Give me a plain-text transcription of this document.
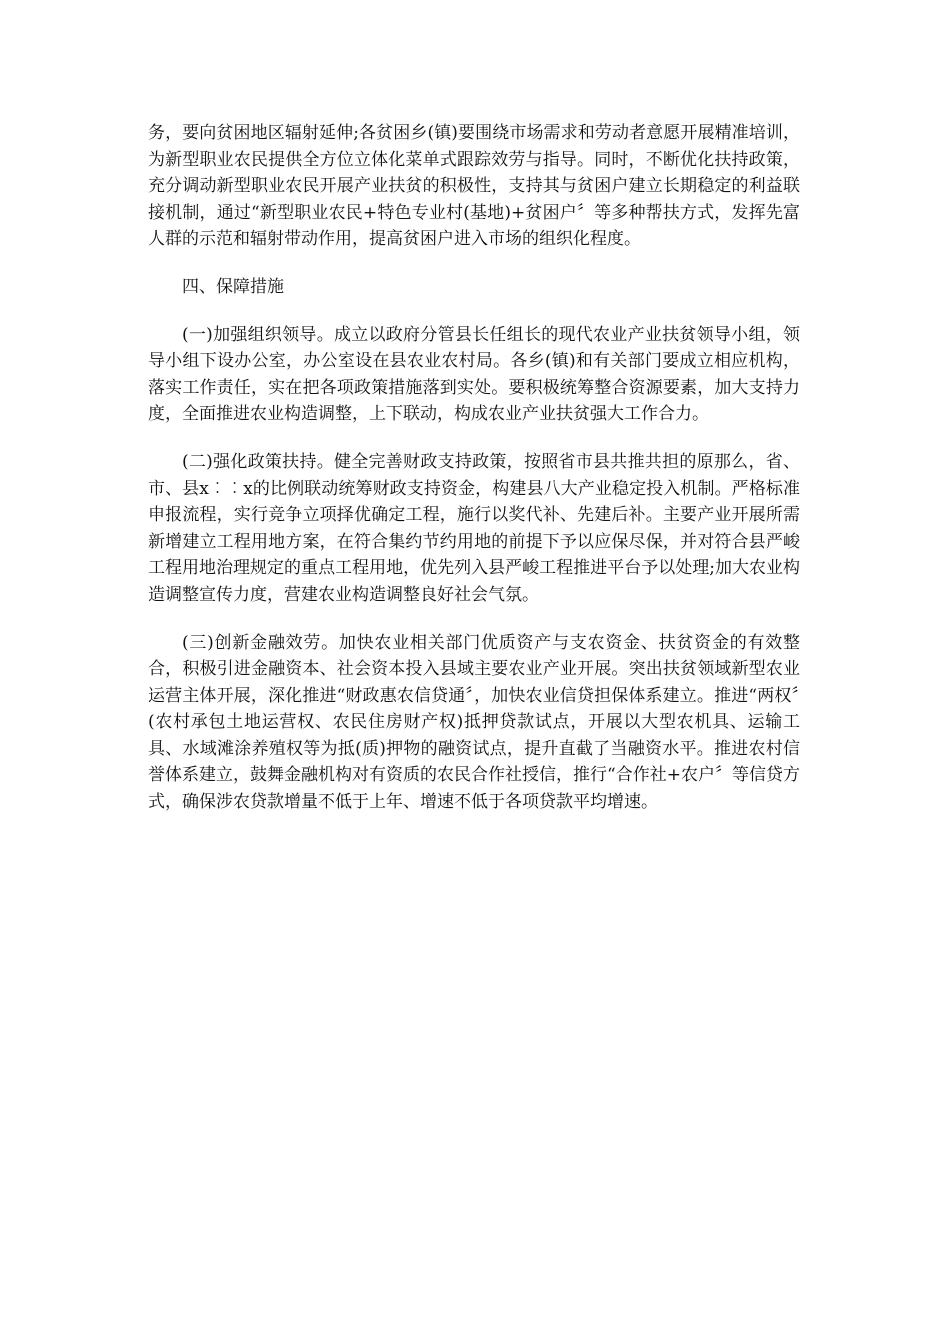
务，要向贫困地区辐射延伸;各贫困乡(镇)要围绕市场需求和劳动者意愿开展精准培训，为新型职业农民提供全方位立体化菜单式跟踪效劳与指导。同时，不断优化扶持政策，充分调动新型职业农民开展产业扶贫的积极性，支持其与贫困户建立长期稳定的利益联接机制，通过“新型职业农民+特色专业村(基地)+贫困户〞等多种帮扶方式，发挥先富人群的示范和辐射带动作用，提高贫困户进入市场的组织化程度。

四、保障措施

(一)加强组织领导。成立以政府分管县长任组长的现代农业产业扶贫领导小组，领导小组下设办公室，办公室设在县农业农村局。各乡(镇)和有关部门要成立相应机构，落实工作责任，实在把各项政策措施落到实处。要积极统筹整合资源要素，加大支持力度，全面推进农业构造调整，上下联动，构成农业产业扶贫强大工作合力。

(二)强化政策扶持。健全完善财政支持政策，按照省市县共推共担的原那么，省、市、县x︰︰x的比例联动统筹财政支持资金，构建县八大产业稳定投入机制。严格标准申报流程，实行竞争立项择优确定工程，施行以奖代补、先建后补。主要产业开展所需新增建立工程用地方案，在符合集约节约用地的前提下予以应保尽保，并对符合县严峻工程用地治理规定的重点工程用地，优先列入县严峻工程推进平台予以处理;加大农业构造调整宣传力度，营建农业构造调整良好社会气氛。

(三)创新金融效劳。加快农业相关部门优质资产与支农资金、扶贫资金的有效整合，积极引进金融资本、社会资本投入县域主要农业产业开展。突出扶贫领域新型农业运营主体开展，深化推进“财政惠农信贷通〞，加快农业信贷担保体系建立。推进“两权〞(农村承包土地运营权、农民住房财产权)抵押贷款试点，开展以大型农机具、运输工具、水域滩涂养殖权等为抵(质)押物的融资试点，提升直截了当融资水平。推进农村信誉体系建立，鼓舞金融机构对有资质的农民合作社授信，推行“合作社+农户〞等信贷方式，确保涉农贷款增量不低于上年、增速不低于各项贷款平均增速。
